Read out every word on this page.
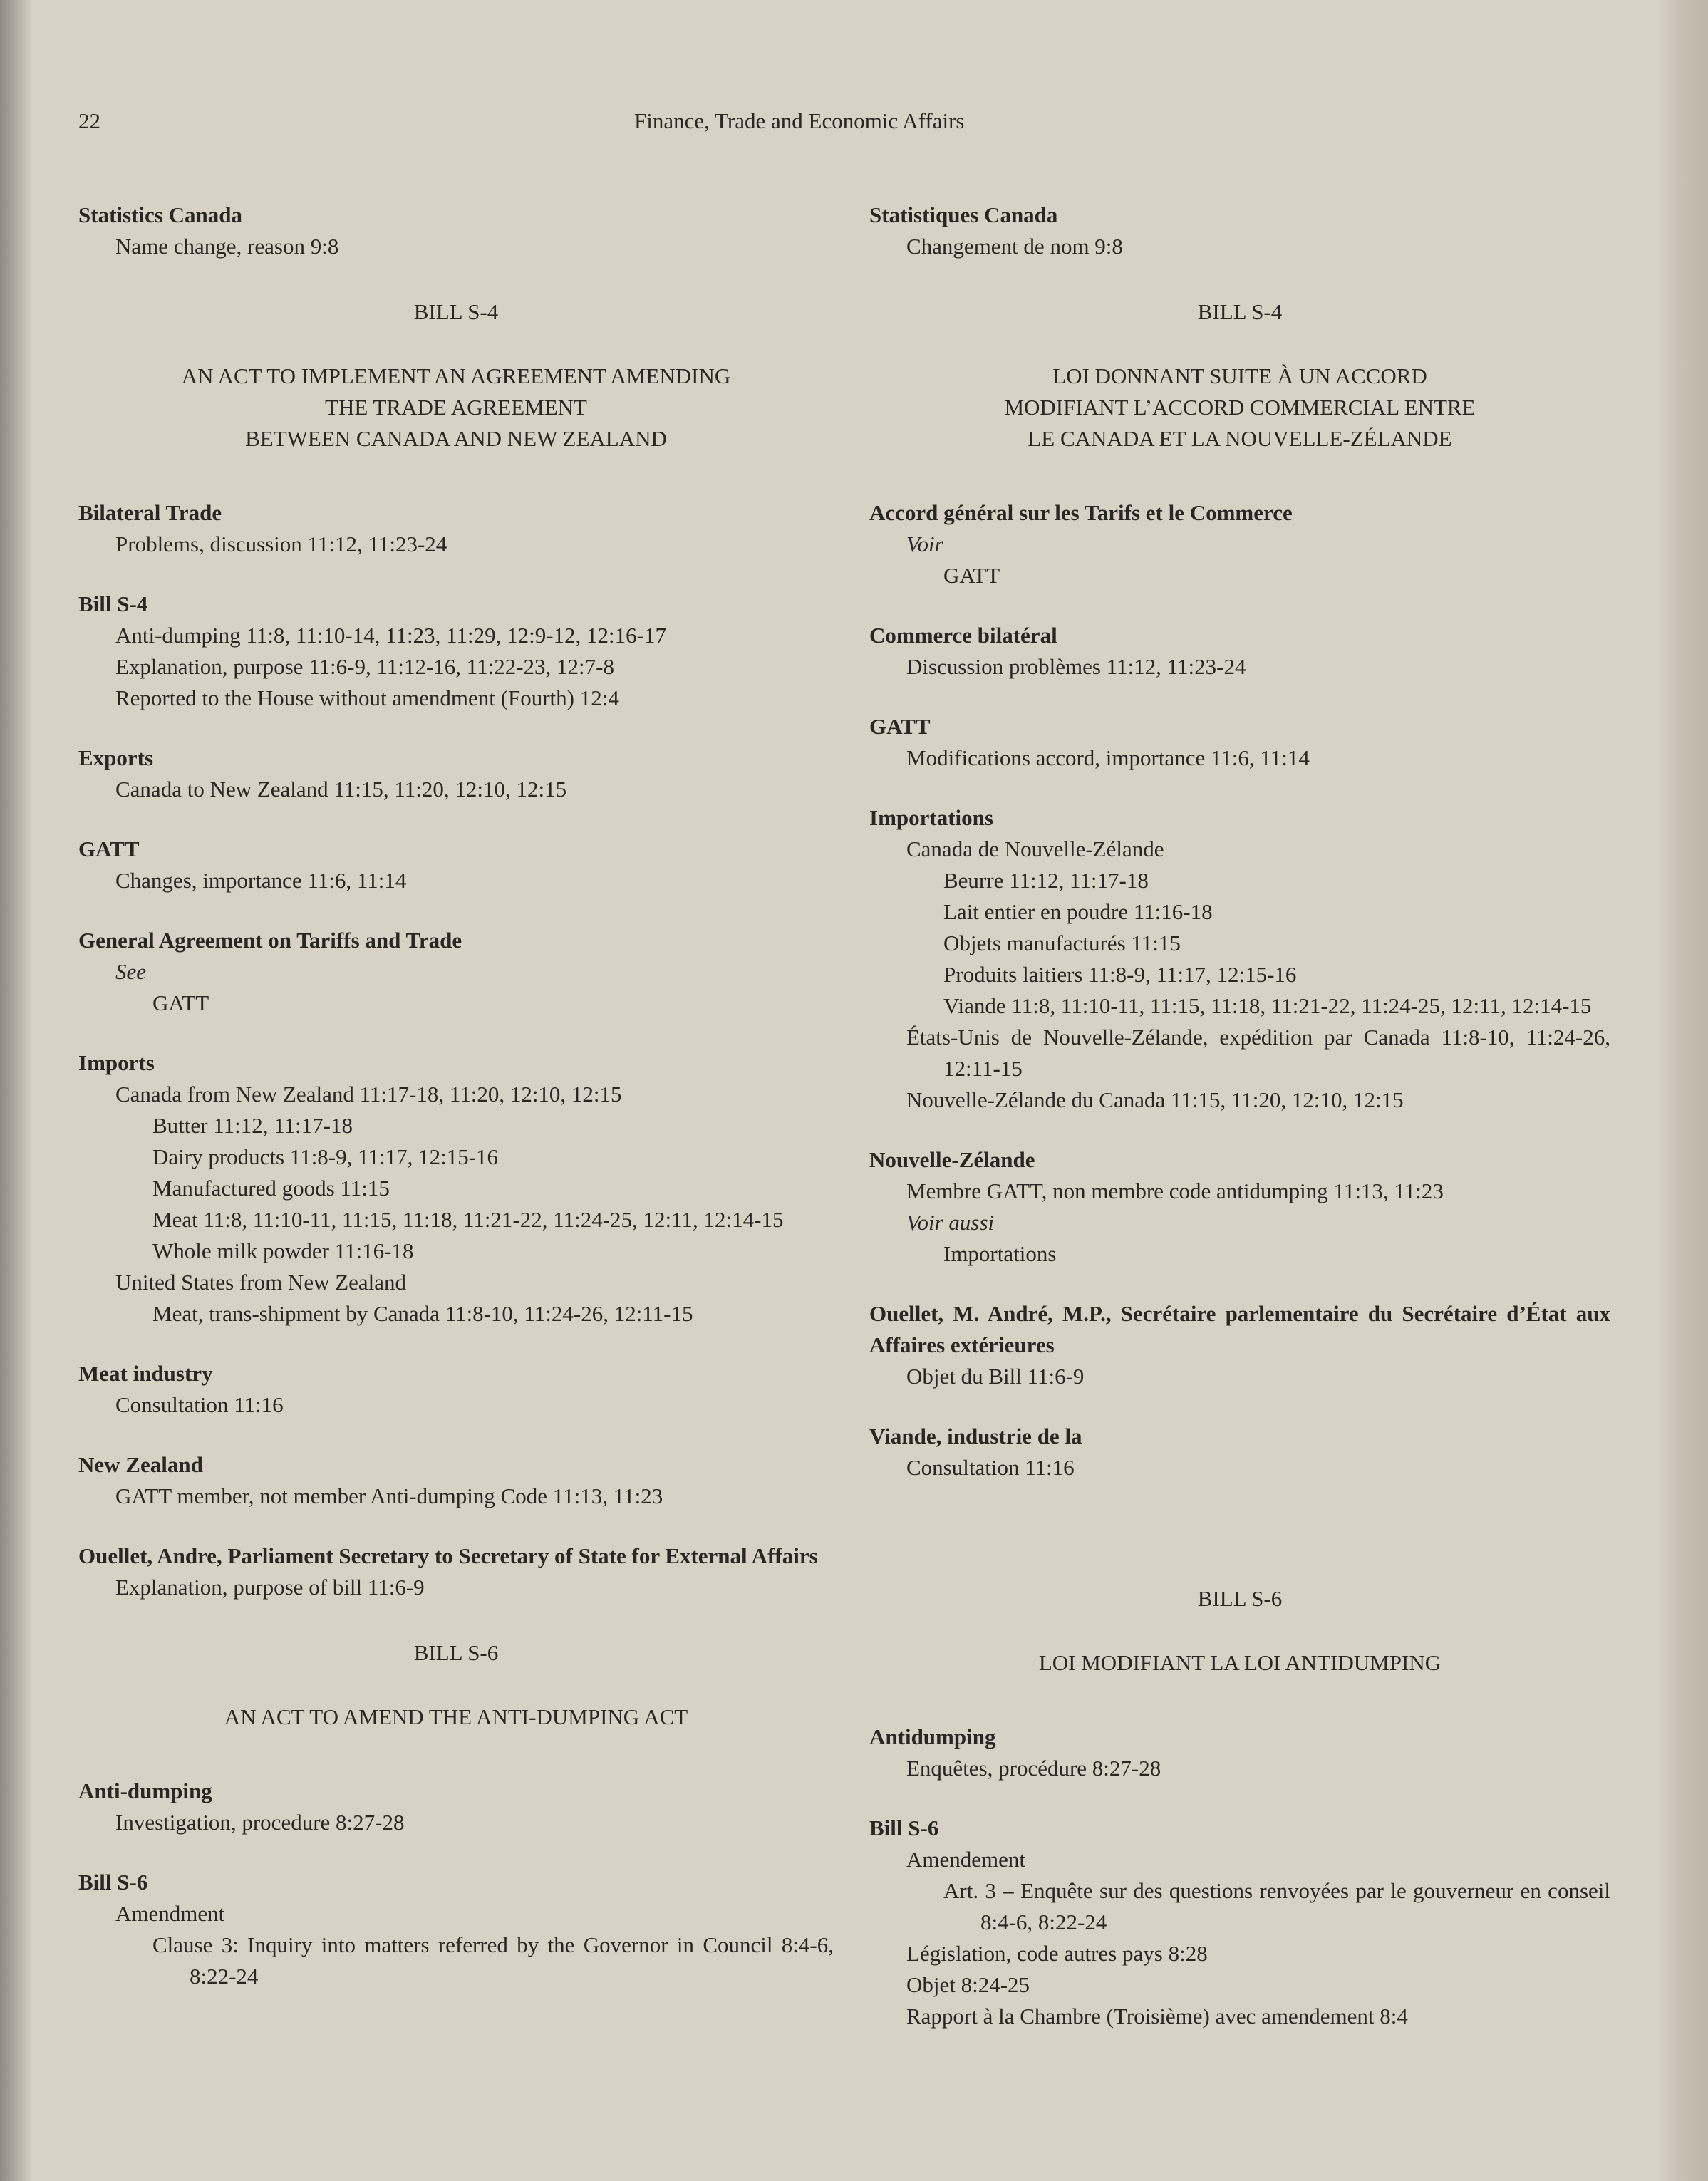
22	Finance, Trade and Economic Affairs
Statistics Canada
Name change, reason 9:8
BILL S-4
AN ACT TO IMPLEMENT AN AGREEMENT AMENDING
THE TRADE AGREEMENT
BETWEEN CANADA AND NEW ZEALAND
Bilateral Trade
Problems, discussion 11:12, 11:23-24
Bill S-4
Anti-dumping 11:8, 11:10-14, 11:23, 11:29, 12:9-12, 12:16-17
Explanation, purpose 11:6-9, 11:12-16, 11:22-23, 12:7-8
Reported to the House without amendment (Fourth) 12:4
Exports
Canada to New Zealand 11:15, 11:20, 12:10, 12:15
GATT
Changes, importance 11:6, 11:14
General Agreement on Tariffs and Trade
See
GATT
Imports
Canada from New Zealand 11:17-18, 11:20, 12:10, 12:15
Butter 11:12, 11:17-18
Dairy products 11:8-9, 11:17, 12:15-16
Manufactured goods 11:15
Meat 11:8, 11:10-11, 11:15, 11:18, 11:21-22, 11:24-25, 12:11, 12:14-15
Whole milk powder 11:16-18
United States from New Zealand
Meat, trans-shipment by Canada 11:8-10, 11:24-26, 12:11-15
Meat industry
Consultation 11:16
New Zealand
GATT member, not member Anti-dumping Code 11:13, 11:23
Ouellet, Andre, Parliament Secretary to Secretary of State for External Affairs
Explanation, purpose of bill 11:6-9
BILL S-6
AN ACT TO AMEND THE ANTI-DUMPING ACT
Anti-dumping
Investigation, procedure 8:27-28
Bill S-6
Amendment
Clause 3: Inquiry into matters referred by the Governor in Council 8:4-6, 8:22-24
Statistiques Canada
Changement de nom 9:8
BILL S-4
LOI DONNANT SUITE À UN ACCORD
MODIFIANT L’ACCORD COMMERCIAL ENTRE
LE CANADA ET LA NOUVELLE-ZÉLANDE
Accord général sur les Tarifs et le Commerce
Voir
GATT
Commerce bilatéral
Discussion problèmes 11:12, 11:23-24
GATT
Modifications accord, importance 11:6, 11:14
Importations
Canada de Nouvelle-Zélande
Beurre 11:12, 11:17-18
Lait entier en poudre 11:16-18
Objets manufacturés 11:15
Produits laitiers 11:8-9, 11:17, 12:15-16
Viande 11:8, 11:10-11, 11:15, 11:18, 11:21-22, 11:24-25, 12:11, 12:14-15
États-Unis de Nouvelle-Zélande, expédition par Canada 11:8-10, 11:24-26, 12:11-15
Nouvelle-Zélande du Canada 11:15, 11:20, 12:10, 12:15
Nouvelle-Zélande
Membre GATT, non membre code antidumping 11:13, 11:23
Voir aussi
Importations
Ouellet, M. André, M.P., Secrétaire parlementaire du Secrétaire d’État aux Affaires extérieures
Objet du Bill 11:6-9
Viande, industrie de la
Consultation 11:16
BILL S-6
LOI MODIFIANT LA LOI ANTIDUMPING
Antidumping
Enquêtes, procédure 8:27-28
Bill S-6
Amendement
Art. 3 – Enquête sur des questions renvoyées par le gouverneur en conseil 8:4-6, 8:22-24
Législation, code autres pays 8:28
Objet 8:24-25
Rapport à la Chambre (Troisième) avec amendement 8:4
